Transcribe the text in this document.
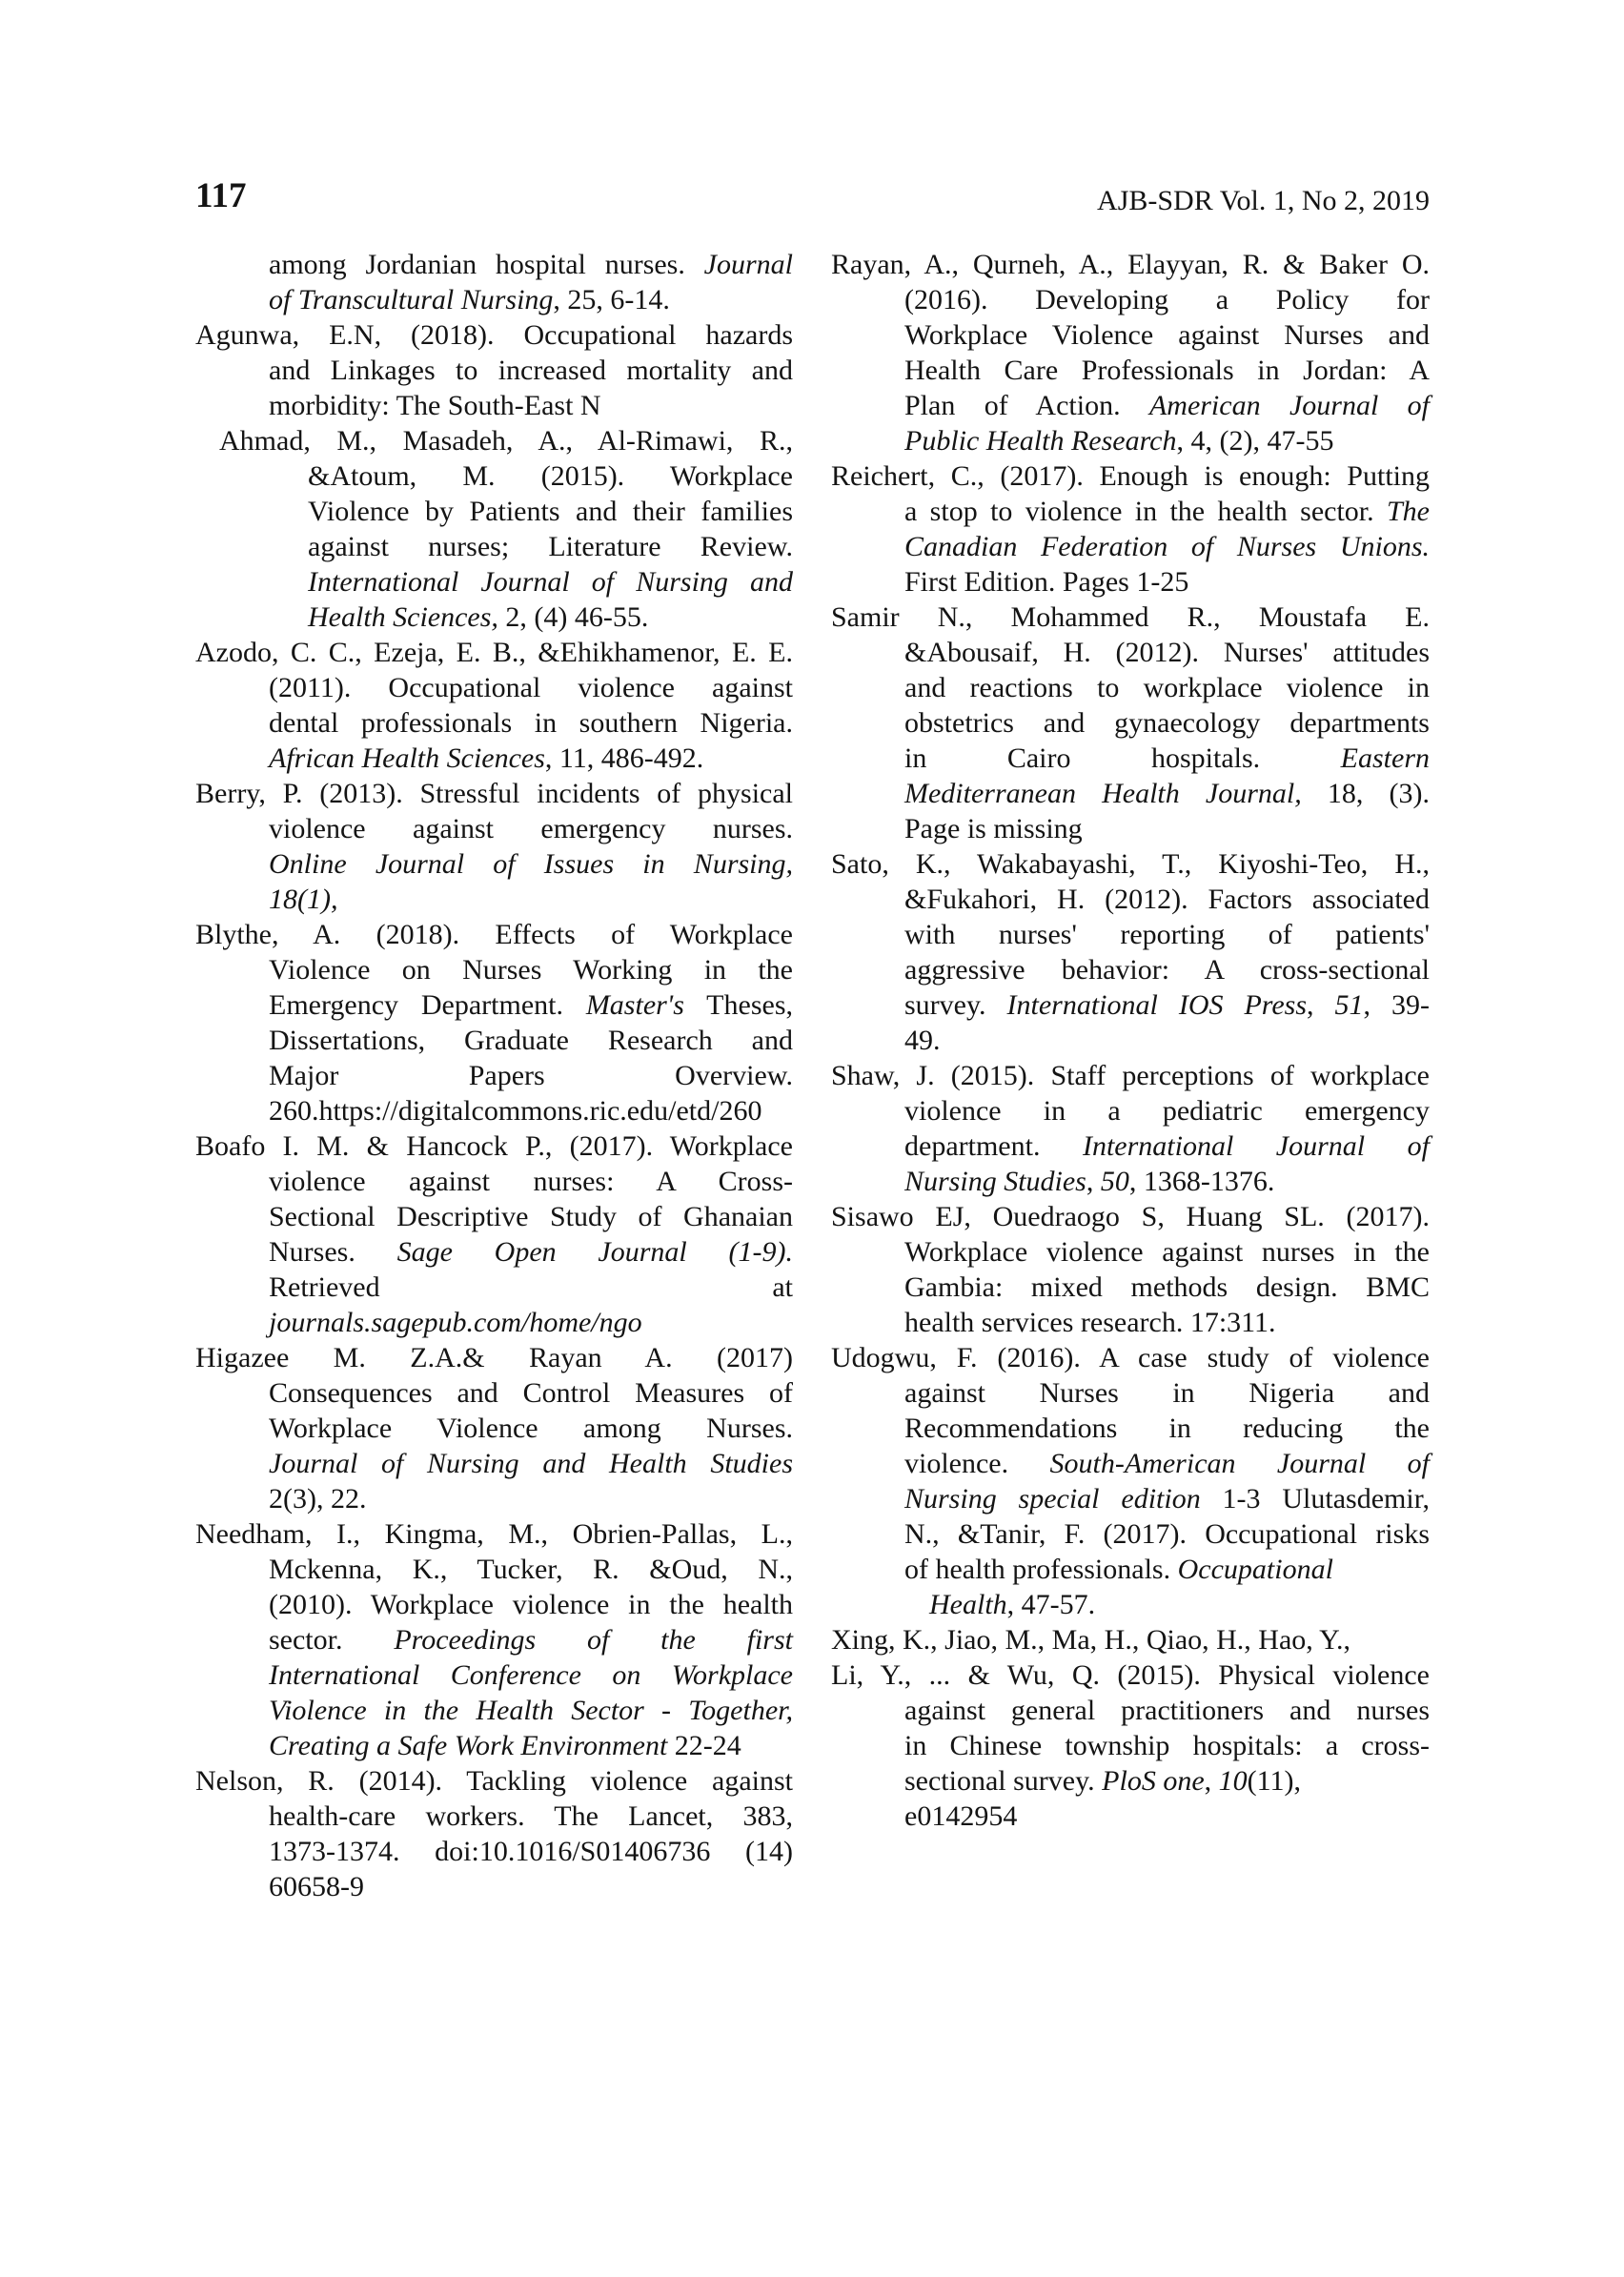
117	AJB-SDR Vol. 1, No 2, 2019
among Jordanian hospital nurses. Journal
of Transcultural Nursing, 25, 6-14.
Agunwa, E.N, (2018). Occupational hazards
and Linkages to increased mortality and
morbidity: The South-East N
Ahmad, M., Masadeh, A., Al-Rimawi, R.,
&Atoum, M. (2015). Workplace
Violence by Patients and their families
against nurses; Literature Review.
International Journal of Nursing and
Health Sciences, 2, (4) 46-55.
Azodo, C. C., Ezeja, E. B., &Ehikhamenor, E. E.
(2011). Occupational violence against
dental professionals in southern Nigeria.
African Health Sciences, 11, 486-492.
Berry, P. (2013). Stressful incidents of physical
violence against emergency nurses.
Online Journal of Issues in Nursing,
18(1),
Blythe, A. (2018). Effects of Workplace
Violence on Nurses Working in the
Emergency Department. Master's Theses,
Dissertations, Graduate Research and
Major Papers Overview.
260.https://digitalcommons.ric.edu/etd/260
Boafo I. M. & Hancock P., (2017). Workplace
violence against nurses: A Cross-
Sectional Descriptive Study of Ghanaian
Nurses. Sage Open Journal (1-9).
Retrieved at
journals.sagepub.com/home/ngo
Higazee M. Z.A.& Rayan A. (2017)
Consequences and Control Measures of
Workplace Violence among Nurses.
Journal of Nursing and Health Studies
2(3), 22.
Needham, I., Kingma, M., Obrien-Pallas, L.,
Mckenna, K., Tucker, R. &Oud, N.,
(2010). Workplace violence in the health
sector. Proceedings of the first
International Conference on Workplace
Violence in the Health Sector - Together,
Creating a Safe Work Environment 22-24
Nelson, R. (2014). Tackling violence against
health-care workers. The Lancet, 383,
1373-1374. doi:10.1016/S01406736 (14)
60658-9
Rayan, A., Qurneh, A., Elayyan, R. & Baker O.
(2016). Developing a Policy for
Workplace Violence against Nurses and
Health Care Professionals in Jordan: A
Plan of Action. American Journal of
Public Health Research, 4, (2), 47-55
Reichert, C., (2017). Enough is enough: Putting
a stop to violence in the health sector. The
Canadian Federation of Nurses Unions.
First Edition. Pages 1-25
Samir N., Mohammed R., Moustafa E.
&Abousaif, H. (2012). Nurses' attitudes
and reactions to workplace violence in
obstetrics and gynaecology departments
in Cairo hospitals. Eastern
Mediterranean Health Journal, 18, (3).
Page is missing
Sato, K., Wakabayashi, T., Kiyoshi-Teo, H.,
&Fukahori, H. (2012). Factors associated
with nurses' reporting of patients'
aggressive behavior: A cross-sectional
survey. International IOS Press, 51, 39-
49.
Shaw, J. (2015). Staff perceptions of workplace
violence in a pediatric emergency
department. International Journal of
Nursing Studies, 50, 1368-1376.
Sisawo EJ, Ouedraogo S, Huang SL. (2017).
Workplace violence against nurses in the
Gambia: mixed methods design. BMC
health services research. 17:311.
Udogwu, F. (2016). A case study of violence
against Nurses in Nigeria and
Recommendations in reducing the
violence. South-American Journal of
Nursing special edition 1-3 Ulutasdemir,
N., &Tanir, F. (2017). Occupational risks
of health professionals. Occupational
Health, 47-57.
Xing, K., Jiao, M., Ma, H., Qiao, H., Hao, Y.,
Li, Y., ... & Wu, Q. (2015). Physical violence
against general practitioners and nurses
in Chinese township hospitals: a cross-
sectional survey. PloS one, 10(11),
e0142954
